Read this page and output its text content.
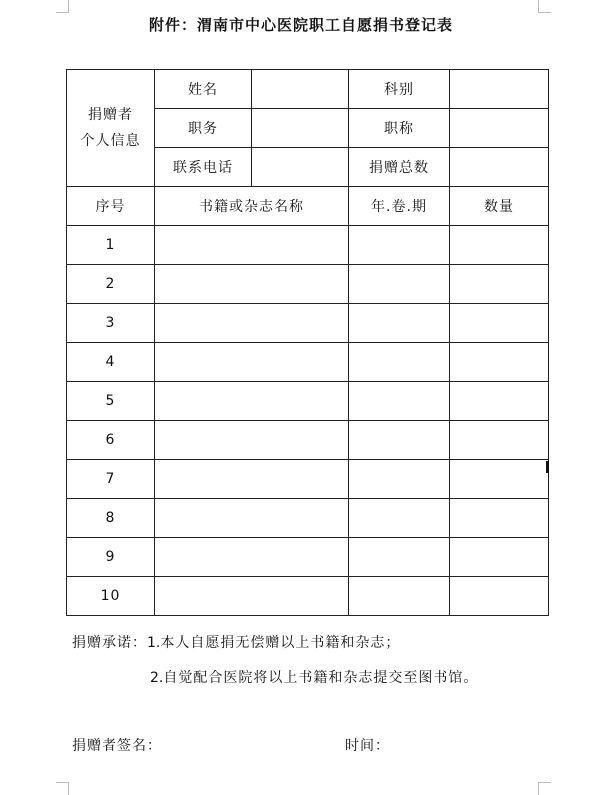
附件：渭南市中心医院职工自愿捐书登记表
捐赠者
个人信息	姓名		科别	
	职务		职称	
	联系电话		捐赠总数	
序号	书籍或杂志名称		年.卷.期	数量
1				
2				
3				
4				
5				
6				
7				
8				
9				
10				
捐赠承诺：1.本人自愿捐无偿赠以上书籍和杂志；
2.自觉配合医院将以上书籍和杂志提交至图书馆。
捐赠者签名：	时间：
